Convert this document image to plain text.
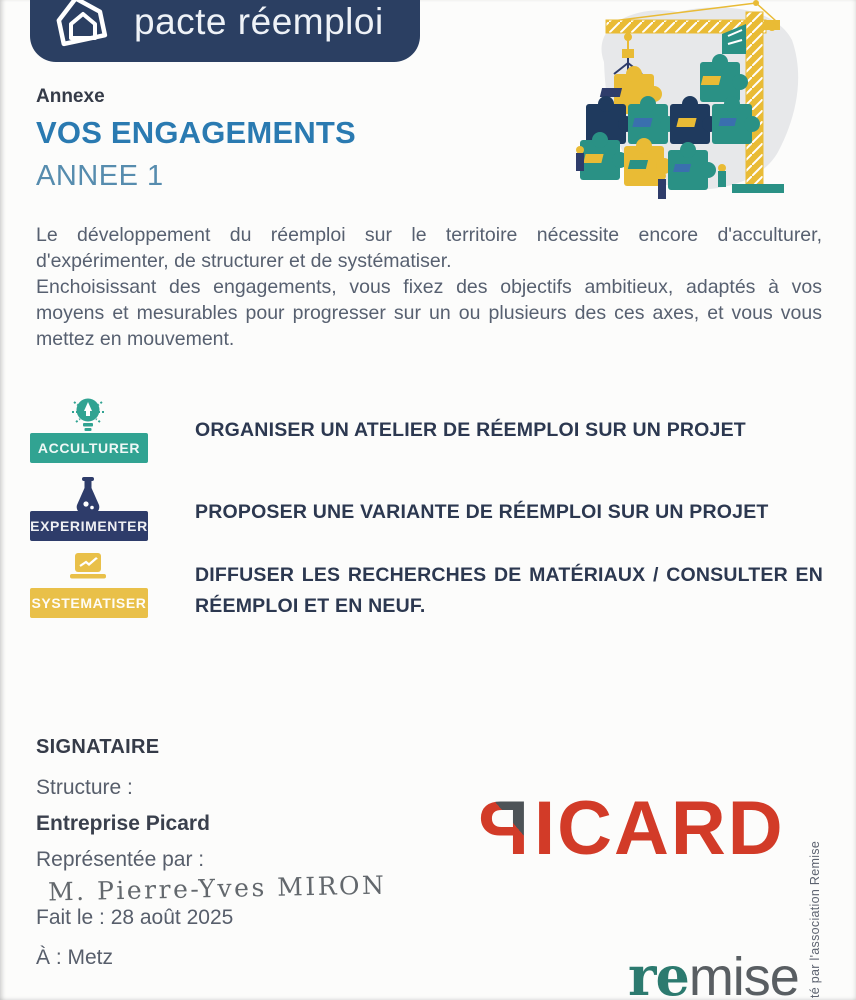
pacte réemploi
Annexe
VOS ENGAGEMENTS
ANNEE 1

Le développement du réemploi sur le territoire nécessite encore d'acculturer, d'expérimenter, de structurer et de systématiser.

Enchoisissant des engagements, vous fixez des objectifs ambitieux, adaptés à vos moyens et mesurables pour progresser sur un ou plusieurs des ces axes, et vous vous mettez en mouvement.

ACCULTURER
ORGANISER UN ATELIER DE RÉEMPLOI SUR UN PROJET
EXPERIMENTER
PROPOSER UNE VARIANTE DE RÉEMPLOI SUR UN PROJET
SYSTEMATISER
DIFFUSER LES RECHERCHES DE MATÉRIAUX / CONSULTER EN RÉEMPLOI ET EN NEUF.
SIGNATAIRE
Structure :
Entreprise Picard
Représentée par :
M. Pierre-Yves MIRON
Fait le : 28 août 2025
À : Metz
P ICARD
remise té par l'association Remise
